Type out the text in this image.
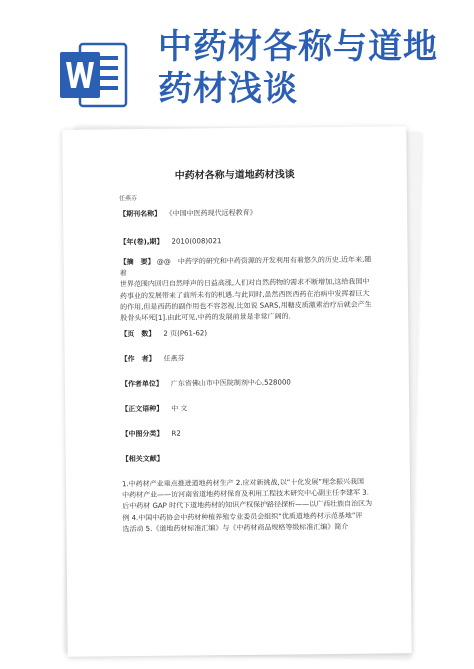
中药材各称与道地
药材浅谈
中药材各称与道地药材浅谈
任燕芬
【期刊名称】 《中国中医药现代远程教育》
【年(卷),期】 2010(008)021
【摘　要】 @@　中药学的研究和中药资源的开发利用有着悠久的历史.近年来,随着
世界范围内回归自然呼声的日益高涨,人们对自然药物的需求不断增加,这给我国中
药事业的发展带来了前所未有的机遇.与此同时,虽然西医西药在治病中发挥着巨大
的作用,但是西药的副作用也不容忽视.比如说 SARS,用糖皮质激素治疗后就会产生
股骨头坏死[1].由此可见,中药的发展前景是非常广阔的.
【页　数】 2 页(P61-62)
【作　者】 任燕芬
【作者单位】 广东省佛山市中医院制剂中心,528000
【正文语种】 中 文
【中图分类】 R2
【相关文献】
1.中药材产业重点推进道地药材生产 2.应对新挑战,以“十化发展”理念振兴我国
中药材产业——访河南省道地药材保育及利用工程技术研究中心副主任李建军 3.
后中药材 GAP 时代下道地药材的知识产权保护路径探析——以广西壮族自治区为
例 4.中国中药协会中药材种植养殖专业委员会组织“优质道地药材示范基地”评
选活动 5.《道地药材标准汇编》与《中药材商品规格等级标准汇编》简介
